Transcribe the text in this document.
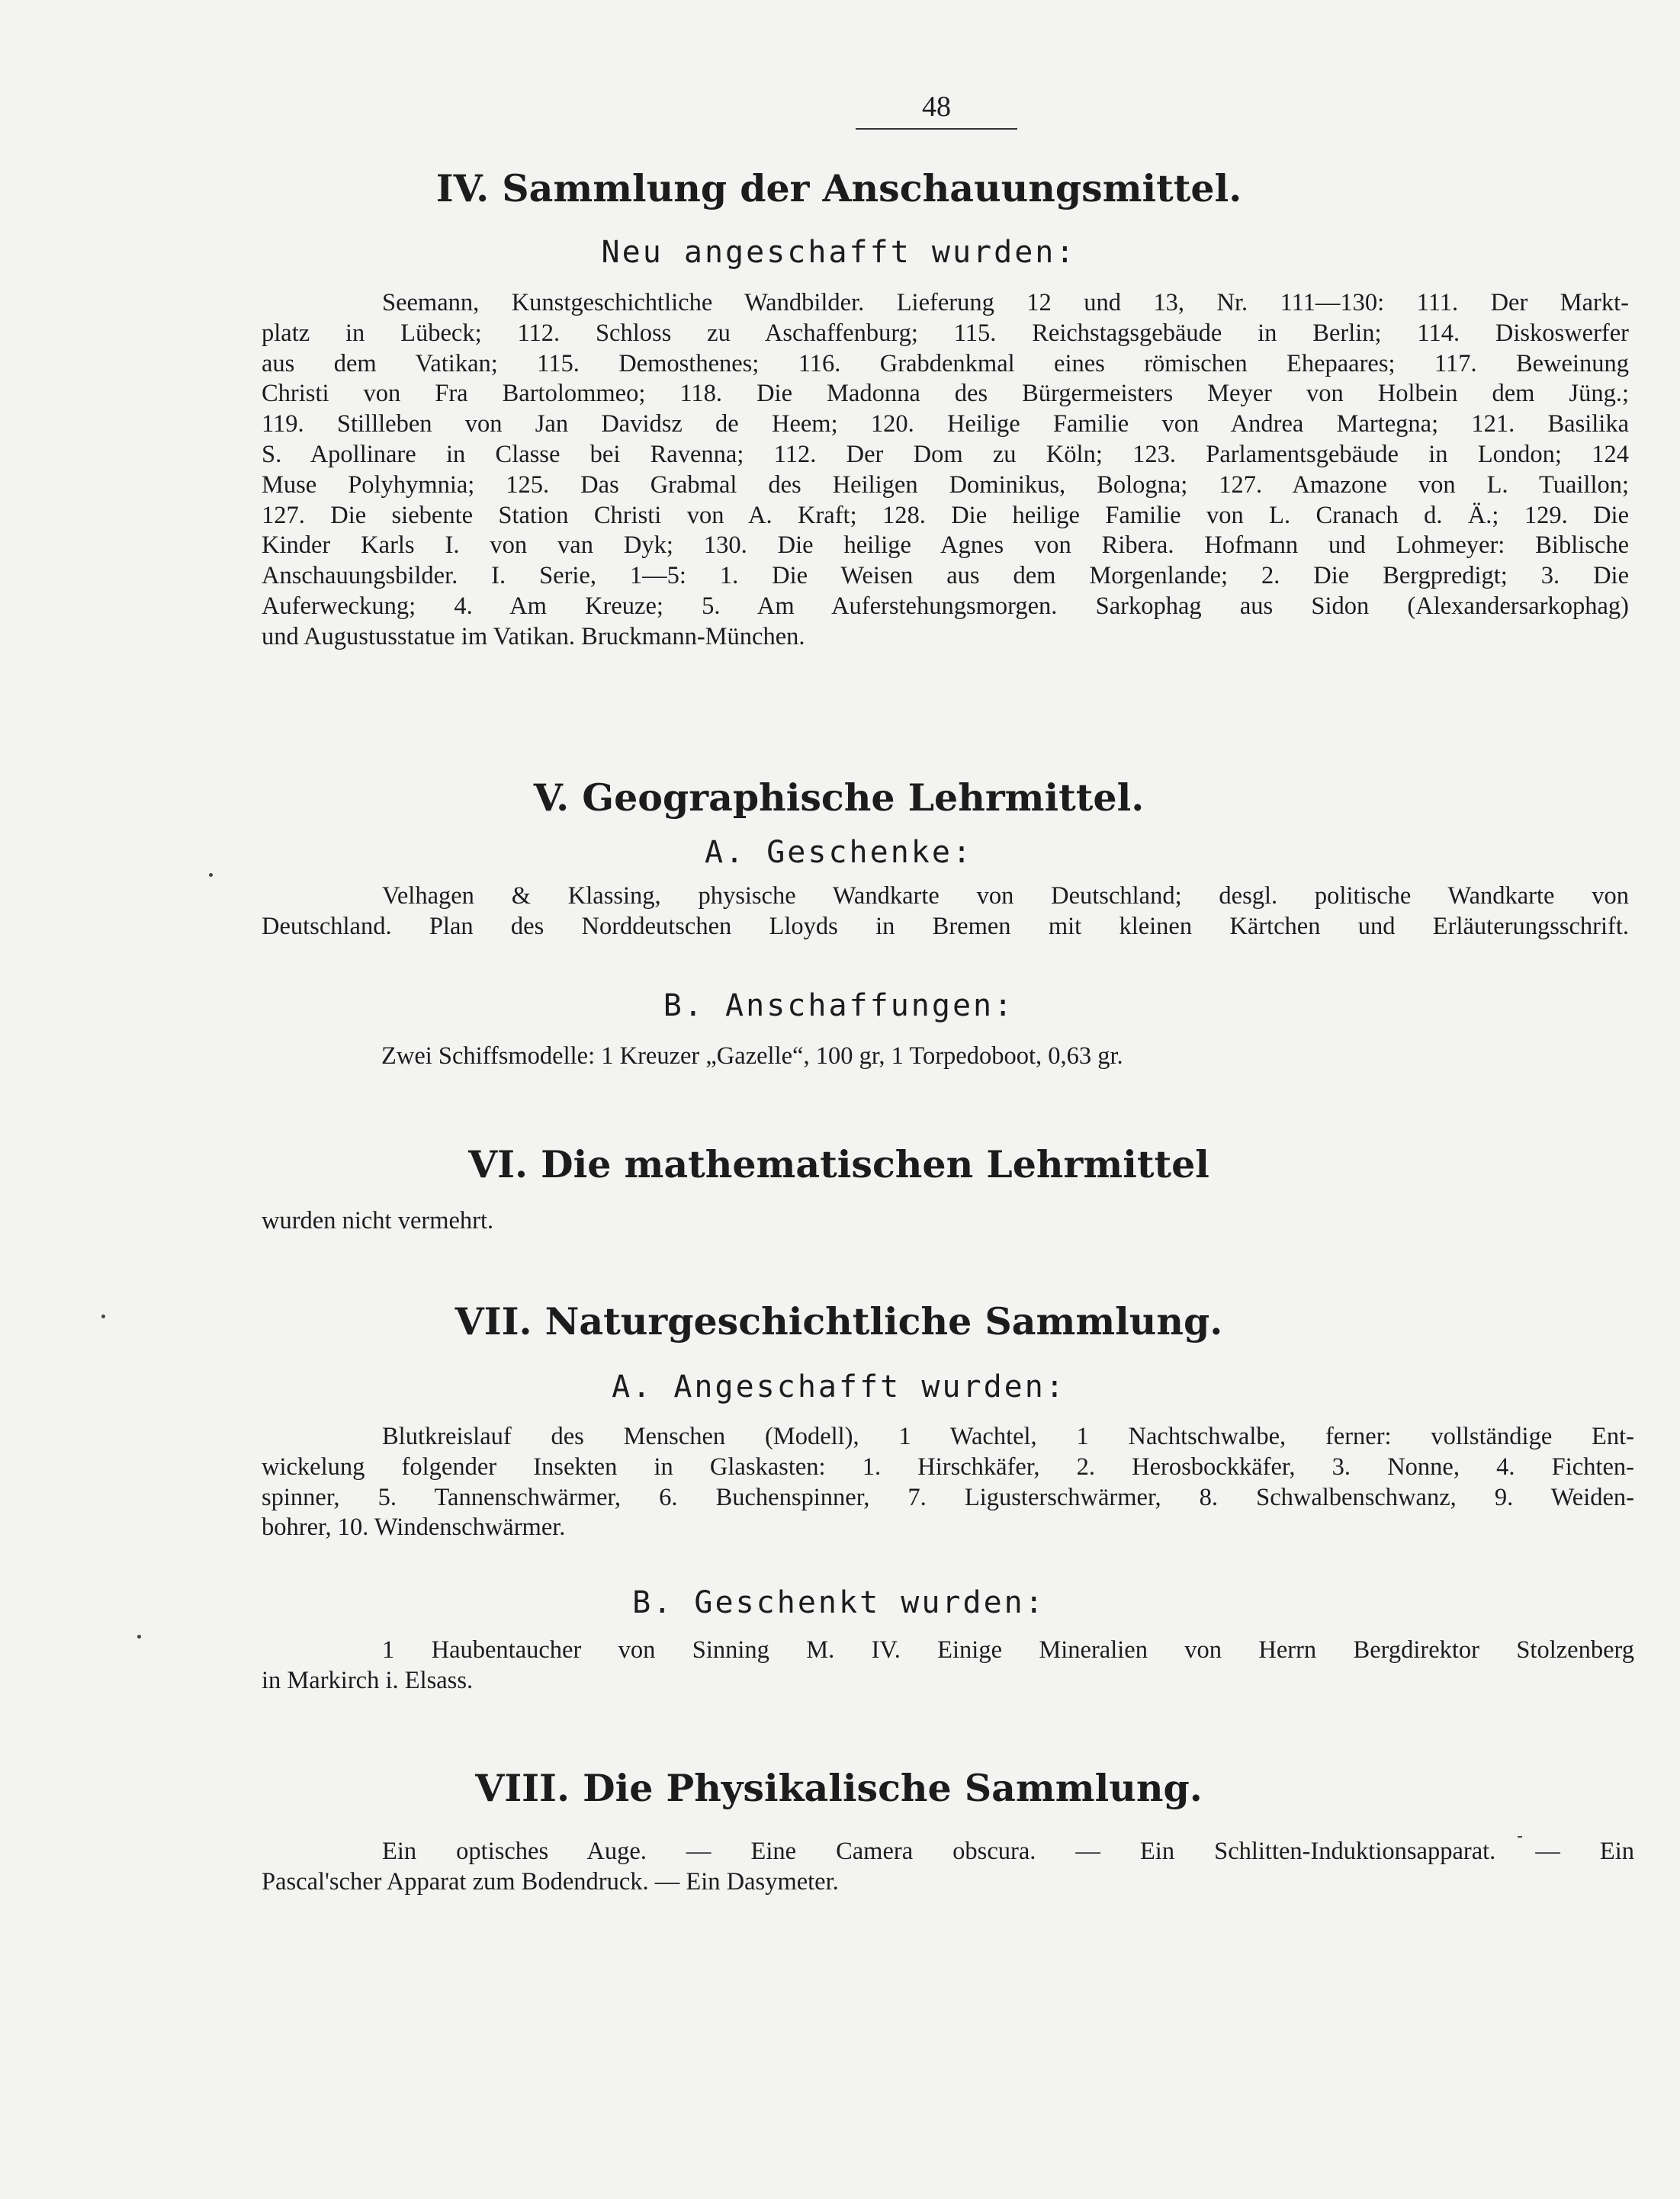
48
IV. Sammlung der Anschauungsmittel.
Neu angeschafft wurden:
Seemann, Kunstgeschichtliche Wandbilder. Lieferung 12 und 13, Nr. 111—130: 111. Der Markt-
platz in Lübeck; 112. Schloss zu Aschaffenburg; 115. Reichstagsgebäude in Berlin; 114. Diskoswerfer
aus dem Vatikan; 115. Demosthenes; 116. Grabdenkmal eines römischen Ehepaares; 117. Beweinung
Christi von Fra Bartolommeo; 118. Die Madonna des Bürgermeisters Meyer von Holbein dem Jüng.;
119. Stillleben von Jan Davidsz de Heem; 120. Heilige Familie von Andrea Martegna; 121. Basilika
S. Apollinare in Classe bei Ravenna; 112. Der Dom zu Köln; 123. Parlamentsgebäude in London; 124
Muse Polyhymnia; 125. Das Grabmal des Heiligen Dominikus, Bologna; 127. Amazone von L. Tuaillon;
127. Die siebente Station Christi von A. Kraft; 128. Die heilige Familie von L. Cranach d. Ä.; 129. Die
Kinder Karls I. von van Dyk; 130. Die heilige Agnes von Ribera. Hofmann und Lohmeyer: Biblische
Anschauungsbilder. I. Serie, 1—5: 1. Die Weisen aus dem Morgenlande; 2. Die Bergpredigt; 3. Die
Auferweckung; 4. Am Kreuze; 5. Am Auferstehungsmorgen. Sarkophag aus Sidon (Alexandersarkophag)
und Augustusstatue im Vatikan. Bruckmann-München.
V. Geographische Lehrmittel.
A. Geschenke:
Velhagen & Klassing, physische Wandkarte von Deutschland; desgl. politische Wandkarte von
Deutschland. Plan des Norddeutschen Lloyds in Bremen mit kleinen Kärtchen und Erläuterungsschrift.
B. Anschaffungen:
Zwei Schiffsmodelle: 1 Kreuzer „Gazelle“, 100 gr, 1 Torpedoboot, 0,63 gr.
VI. Die mathematischen Lehrmittel
wurden nicht vermehrt.
VII. Naturgeschichtliche Sammlung.
A. Angeschafft wurden:
Blutkreislauf des Menschen (Modell), 1 Wachtel, 1 Nachtschwalbe, ferner: vollständige Ent-
wickelung folgender Insekten in Glaskasten: 1. Hirschkäfer, 2. Herosbockkäfer, 3. Nonne, 4. Fichten-
spinner, 5. Tannenschwärmer, 6. Buchenspinner, 7. Ligusterschwärmer, 8. Schwalbenschwanz, 9. Weiden-
bohrer, 10. Windenschwärmer.
B. Geschenkt wurden:
1 Haubentaucher von Sinning M. IV. Einige Mineralien von Herrn Bergdirektor Stolzenberg
in Markirch i. Elsass.
VIII. Die Physikalische Sammlung.
Ein optisches Auge. — Eine Camera obscura. — Ein Schlitten-Induktionsapparat. — Ein
Pascal'scher Apparat zum Bodendruck. — Ein Dasymeter.
